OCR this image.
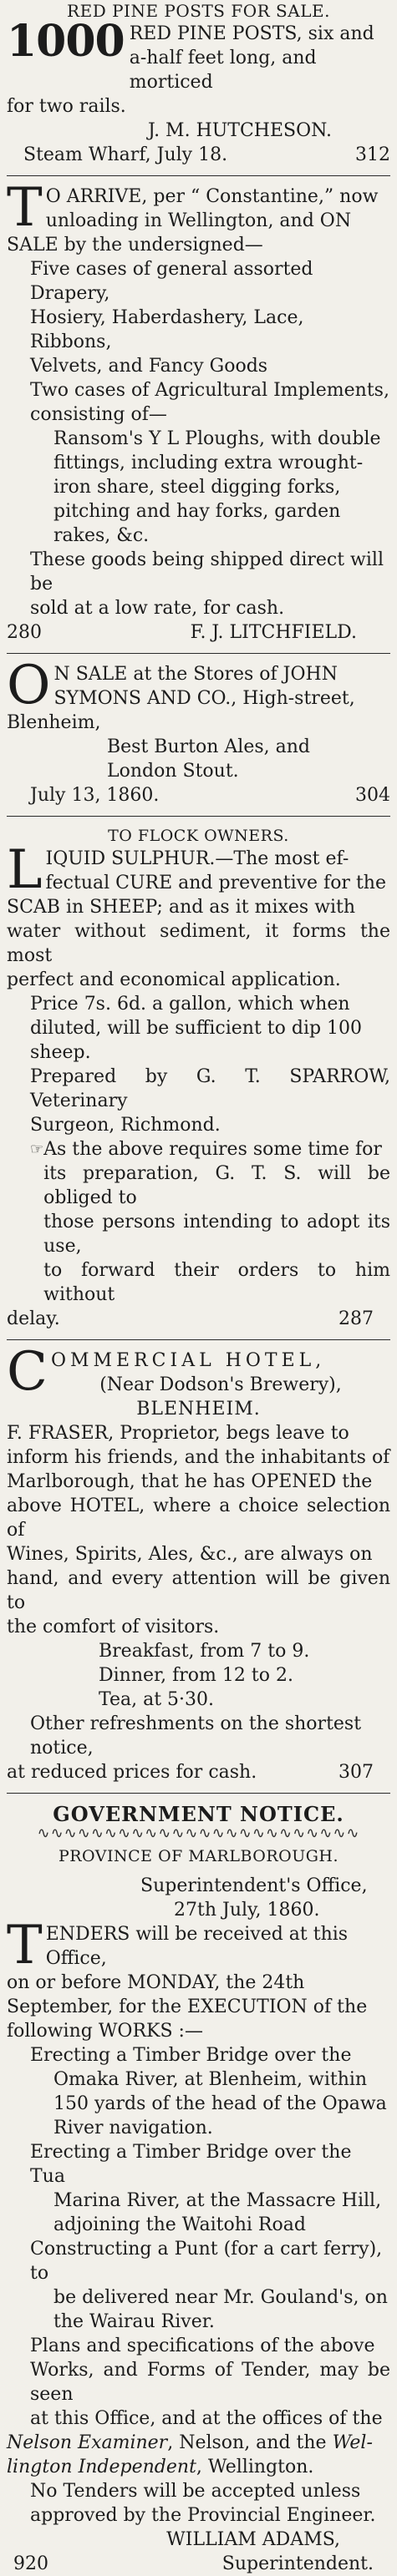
RED PINE POSTS FOR SALE.
1000 RED PINE POSTS, six and
a-half feet long, and morticed
for two rails.
J. M. HUTCHESON.
Steam Wharf, July 18.	312
T O ARRIVE, per “ Constantine,” now
unloading in Wellington, and ON
SALE by the undersigned—
Five cases of general assorted Drapery,
Hosiery, Haberdashery, Lace, Ribbons,
Velvets, and Fancy Goods
Two cases of Agricultural Implements,
consisting of—
Ransom's Y L Ploughs, with double
fittings, including extra wrought-
iron share, steel digging forks,
pitching and hay forks, garden
rakes, &c.
These goods being shipped direct will be
sold at a low rate, for cash.
280	F. J. LITCHFIELD.
O N SALE at the Stores of JOHN
SYMONS AND CO., High-street,
Blenheim,
Best Burton Ales, and
London Stout.
July 13, 1860.	304
TO FLOCK OWNERS.
L IQUID SULPHUR.—The most ef-
fectual CURE and preventive for the
SCAB in SHEEP; and as it mixes with
water without sediment, it forms the most
perfect and economical application.
Price 7s. 6d. a gallon, which when
diluted, will be sufficient to dip 100
sheep.
Prepared by G. T. SPARROW, Veterinary
Surgeon, Richmond.
☞ As the above requires some time for
its preparation, G. T. S. will be obliged to
those persons intending to adopt its use,
to forward their orders to him without
delay.	287
C OMMERCIAL HOTEL,
(Near Dodson's Brewery),
BLENHEIM.
F. FRASER, Proprietor, begs leave to
inform his friends, and the inhabitants of
Marlborough, that he has OPENED the
above HOTEL, where a choice selection of
Wines, Spirits, Ales, &c., are always on
hand, and every attention will be given to
the comfort of visitors.
Breakfast, from 7 to 9.
Dinner, from 12 to 2.
Tea, at 5·30.
Other refreshments on the shortest notice,
at reduced prices for cash.	307
GOVERNMENT NOTICE.
∿∿∿∿∿∿∿∿∿∿∿∿∿∿∿∿∿∿∿∿∿∿∿∿
PROVINCE OF MARLBOROUGH.
Superintendent's Office,
27th July, 1860.
T ENDERS will be received at this Office,
on or before MONDAY, the 24th
September, for the EXECUTION of the
following WORKS :—
Erecting a Timber Bridge over the
Omaka River, at Blenheim, within
150 yards of the head of the Opawa
River navigation.
Erecting a Timber Bridge over the Tua
Marina River, at the Massacre Hill,
adjoining the Waitohi Road
Constructing a Punt (for a cart ferry), to
be delivered near Mr. Gouland's, on
the Wairau River.
Plans and specifications of the above
Works, and Forms of Tender, may be seen
at this Office, and at the offices of the
Nelson Examiner, Nelson, and the Wel-
lington Independent, Wellington.
No Tenders will be accepted unless
approved by the Provincial Engineer.
WILLIAM ADAMS,
920	Superintendent.
